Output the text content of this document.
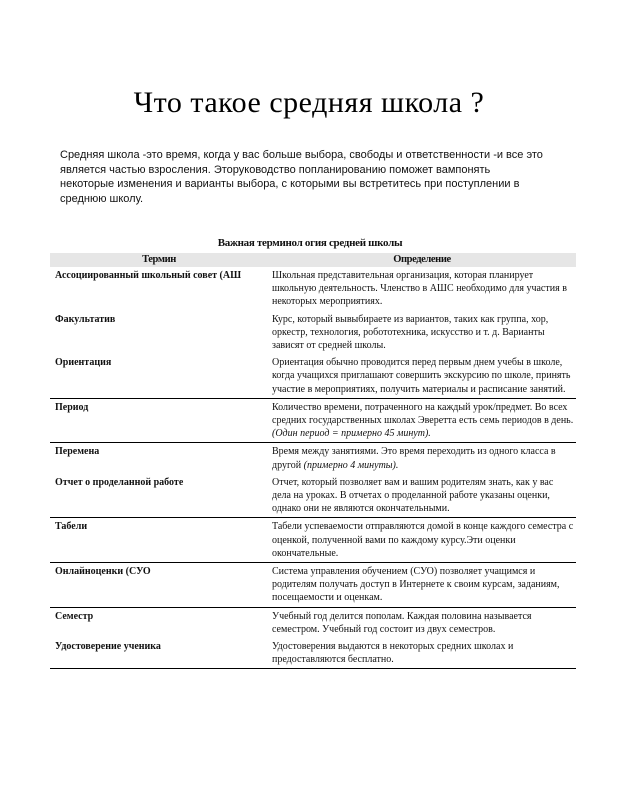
Что такое средняя школа ?
Средняя школа -это время, когда у вас больше выбора, свободы и ответственности -и все это
является частью взросления. Эторуководство попланированию поможет вампонять
некоторые изменения и варианты выбора, с которыми вы встретитесь при поступлении в
среднюю школу.
Важная терминол огия средней школы
Термин	Определение
Ассоциированный школьный совет (АШ	Школьная представительная организация, которая планирует школьную деятельность. Членство в АШС необходимо для участия в некоторых мероприятиях.
Факультатив	Курс, который вывыбираете из вариантов, таких как группа, хор, оркестр, технология, робототехника, искусство и т. д. Варианты зависят от средней школы.
Ориентация	Ориентация обычно проводится перед первым днем учебы в школе, когда учащихся приглашают совершить экскурсию по школе, принять участие в мероприятиях, получить материалы и расписание занятий.
Период	Количество времени, потраченного на каждый урок/предмет. Во всех средних государственных школах Эверетта есть семь периодов в день. (Один период = примерно 45 минут).
Перемена	Время между занятиями. Это время переходить из одного класса в другой (примерно 4 минуты).
Отчет о проделанной работе	Отчет, который позволяет вам и вашим родителям знать, как у вас дела на уроках. В отчетах о проделанной работе указаны оценки, однако они не являются окончательными.
Табели	Табели успеваемости отправляются домой в конце каждого семестра с оценкой, полученной вами по каждому курсу.Эти оценки окончательные.
Онлайноценки (СУО	Система управления обучением (СУО) позволяет учащимся и родителям получать доступ в Интернете к своим курсам, заданиям, посещаемости и оценкам.
Семестр	Учебный год делится пополам. Каждая половина называется семестром. Учебный год состоит из двух семестров.
Удостоверение ученика	Удостоверения выдаются в некоторых средних школах и предоставляются бесплатно.
